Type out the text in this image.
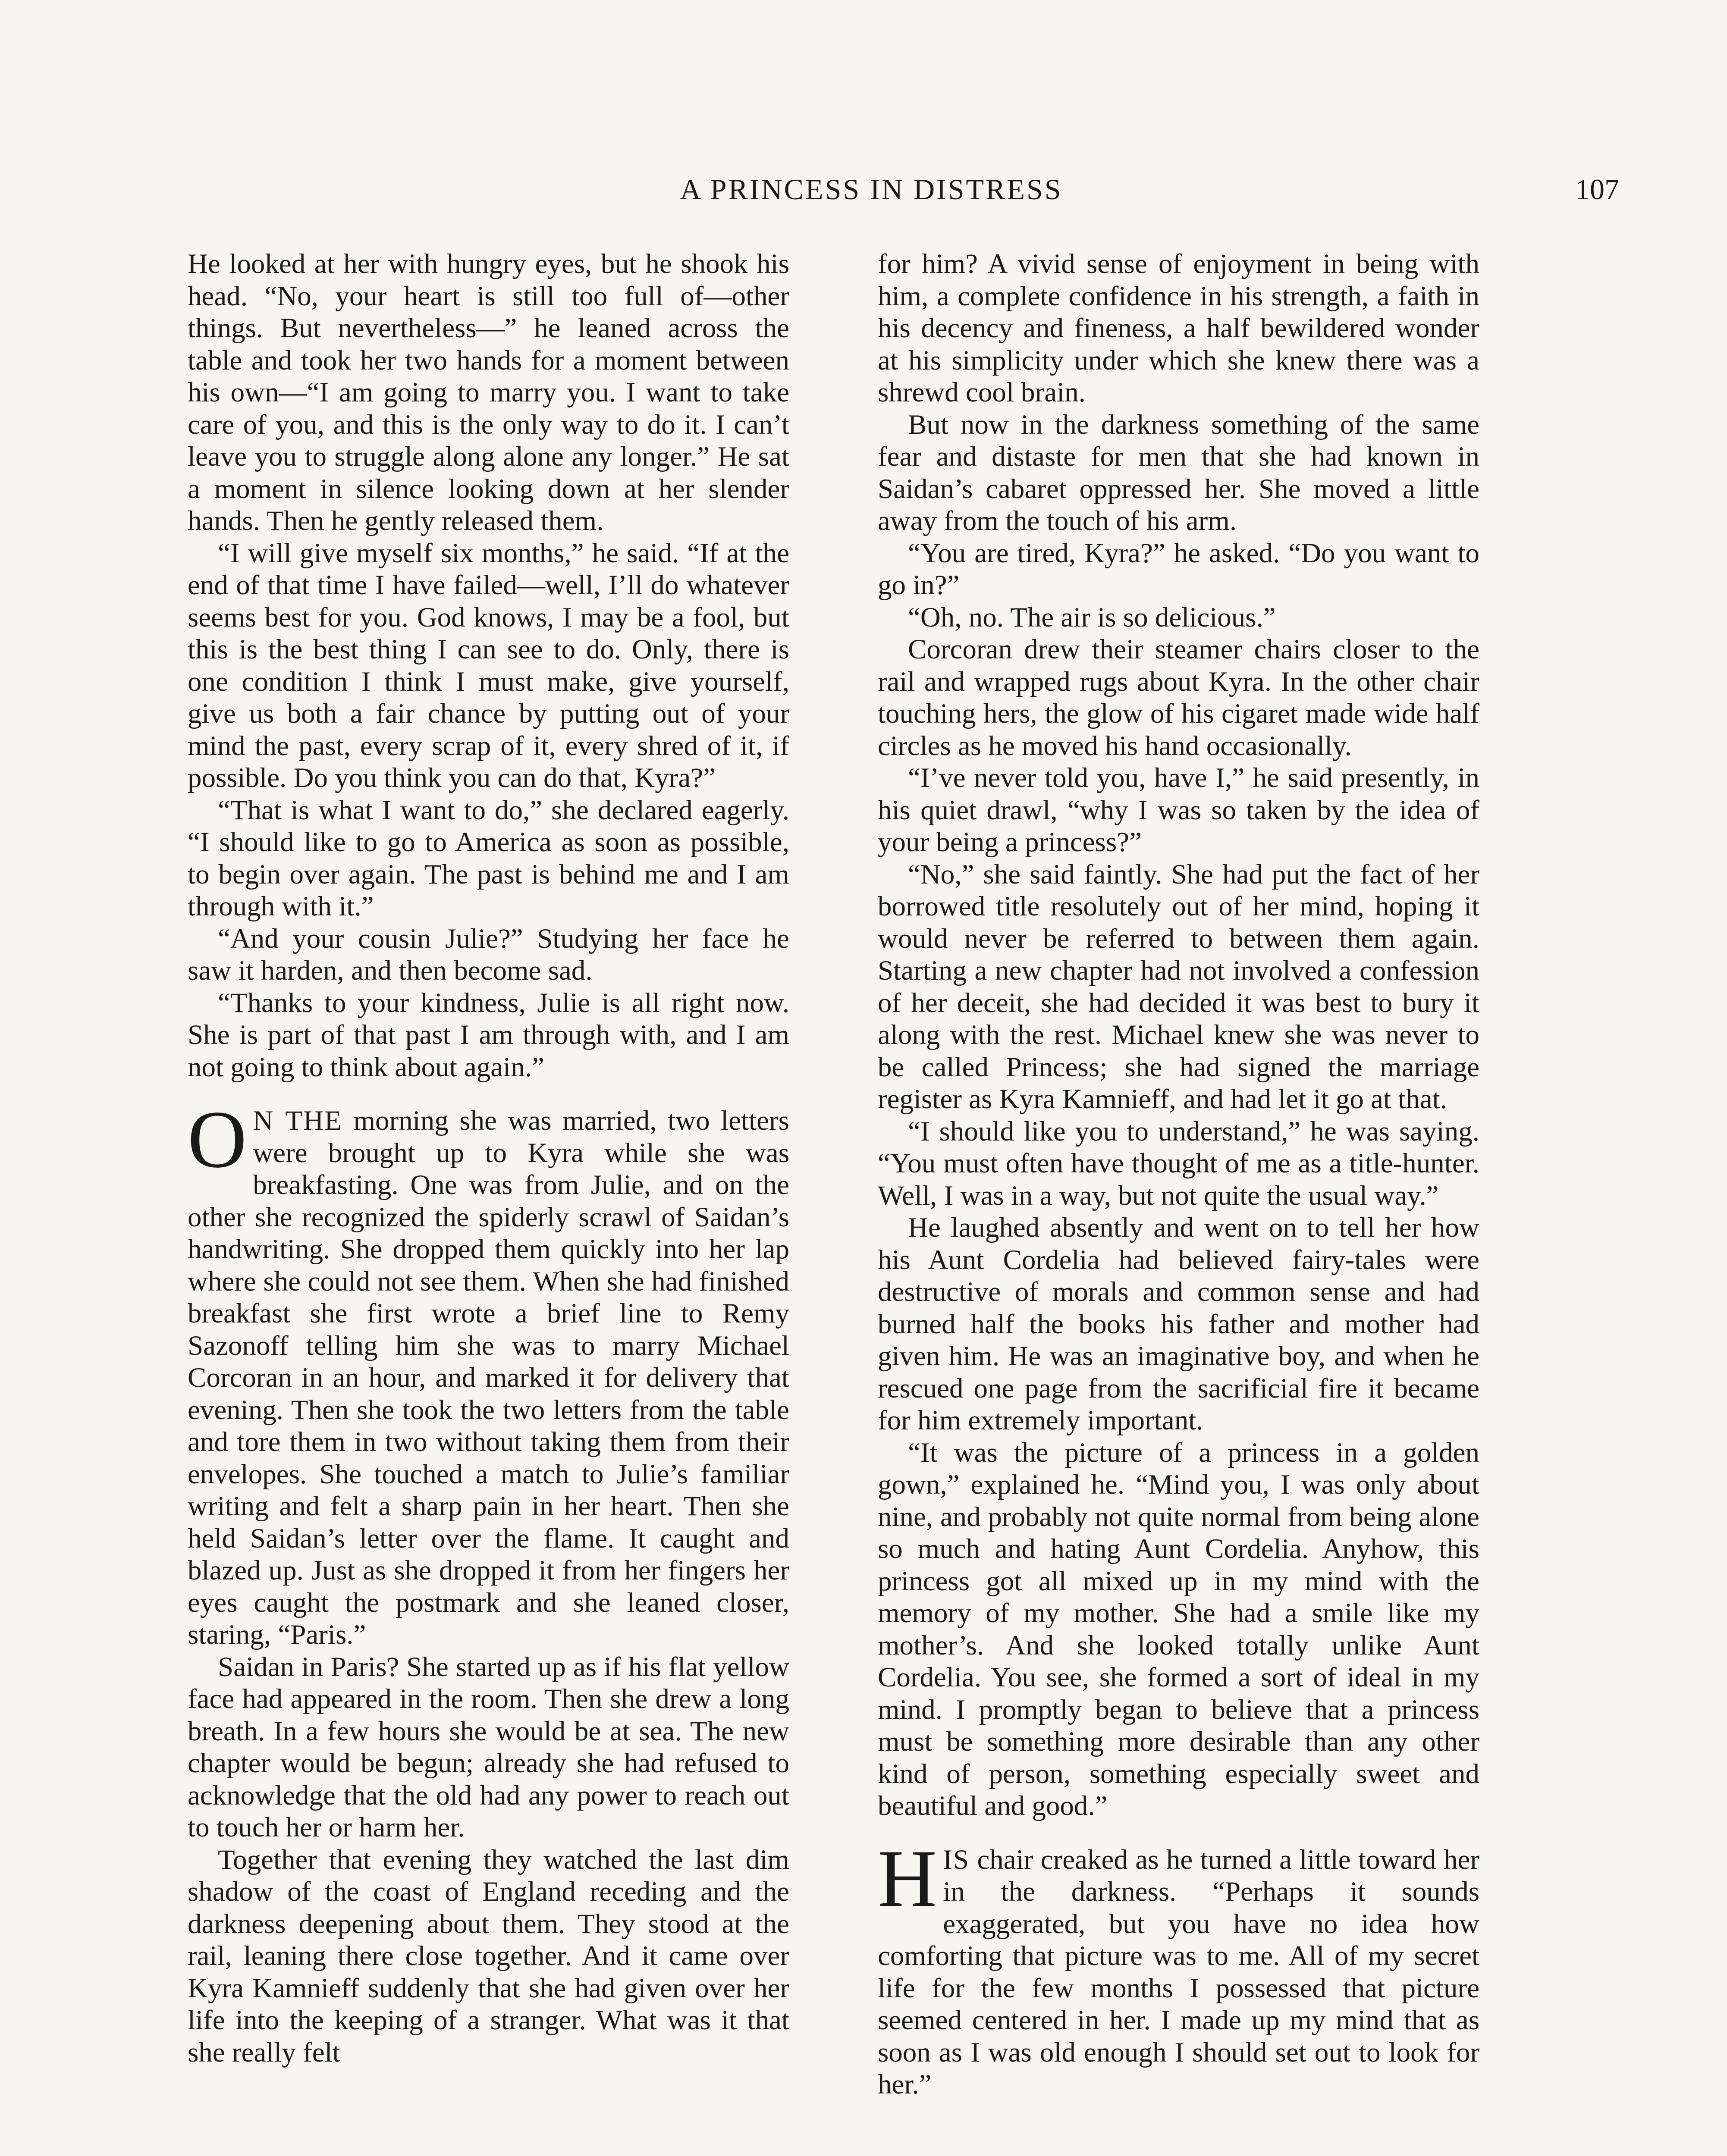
A PRINCESS IN DISTRESS	107

He looked at her with hungry eyes, but he shook his head. “No, your heart is still too full of—other things. But nevertheless—” he leaned across the table and took her two hands for a moment between his own—“I am going to marry you. I want to take care of you, and this is the only way to do it. I can’t leave you to struggle along alone any longer.” He sat a moment in silence looking down at her slender hands. Then he gently released them.

“I will give myself six months,” he said. “If at the end of that time I have failed—well, I’ll do whatever seems best for you. God knows, I may be a fool, but this is the best thing I can see to do. Only, there is one condition I think I must make, give yourself, give us both a fair chance by putting out of your mind the past, every scrap of it, every shred of it, if possible. Do you think you can do that, Kyra?”

“That is what I want to do,” she declared eagerly. “I should like to go to America as soon as possible, to begin over again. The past is behind me and I am through with it.”

“And your cousin Julie?” Studying her face he saw it harden, and then become sad.

“Thanks to your kindness, Julie is all right now. She is part of that past I am through with, and I am not going to think about again.”

O N THE morning she was married, two letters were brought up to Kyra while she was breakfasting. One was from Julie, and on the other she recognized the spiderly scrawl of Saidan’s handwriting. She dropped them quickly into her lap where she could not see them. When she had finished breakfast she first wrote a brief line to Remy Sazonoff telling him she was to marry Michael Corcoran in an hour, and marked it for delivery that evening. Then she took the two letters from the table and tore them in two without taking them from their envelopes. She touched a match to Julie’s familiar writing and felt a sharp pain in her heart. Then she held Saidan’s letter over the flame. It caught and blazed up. Just as she dropped it from her fingers her eyes caught the postmark and she leaned closer, staring, “Paris.”

Saidan in Paris? She started up as if his flat yellow face had appeared in the room. Then she drew a long breath. In a few hours she would be at sea. The new chapter would be begun; already she had refused to acknowledge that the old had any power to reach out to touch her or harm her.

Together that evening they watched the last dim shadow of the coast of England receding and the darkness deepening about them. They stood at the rail, leaning there close together. And it came over Kyra Kamnieff suddenly that she had given over her life into the keeping of a stranger. What was it that she really felt

for him? A vivid sense of enjoyment in being with him, a complete confidence in his strength, a faith in his decency and fineness, a half bewildered wonder at his simplicity under which she knew there was a shrewd cool brain.

But now in the darkness something of the same fear and distaste for men that she had known in Saidan’s cabaret oppressed her. She moved a little away from the touch of his arm.

“You are tired, Kyra?” he asked. “Do you want to go in?”

“Oh, no. The air is so delicious.”

Corcoran drew their steamer chairs closer to the rail and wrapped rugs about Kyra. In the other chair touching hers, the glow of his cigaret made wide half circles as he moved his hand occasionally.

“I’ve never told you, have I,” he said presently, in his quiet drawl, “why I was so taken by the idea of your being a princess?”

“No,” she said faintly. She had put the fact of her borrowed title resolutely out of her mind, hoping it would never be referred to between them again. Starting a new chapter had not involved a confession of her deceit, she had decided it was best to bury it along with the rest. Michael knew she was never to be called Princess; she had signed the marriage register as Kyra Kamnieff, and had let it go at that.

“I should like you to understand,” he was saying. “You must often have thought of me as a title-hunter. Well, I was in a way, but not quite the usual way.”

He laughed absently and went on to tell her how his Aunt Cordelia had believed fairy-tales were destructive of morals and common sense and had burned half the books his father and mother had given him. He was an imaginative boy, and when he rescued one page from the sacrificial fire it became for him extremely important.

“It was the picture of a princess in a golden gown,” explained he. “Mind you, I was only about nine, and probably not quite normal from being alone so much and hating Aunt Cordelia. Anyhow, this princess got all mixed up in my mind with the memory of my mother. She had a smile like my mother’s. And she looked totally unlike Aunt Cordelia. You see, she formed a sort of ideal in my mind. I promptly began to believe that a princess must be something more desirable than any other kind of person, something especially sweet and beautiful and good.”

HIS chair creaked as he turned a little toward her in the darkness. “Perhaps it sounds exaggerated, but you have no idea how comforting that picture was to me. All of my secret life for the few months I possessed that picture seemed centered in her. I made up my mind that as soon as I was old enough I should set out to look for her.”
